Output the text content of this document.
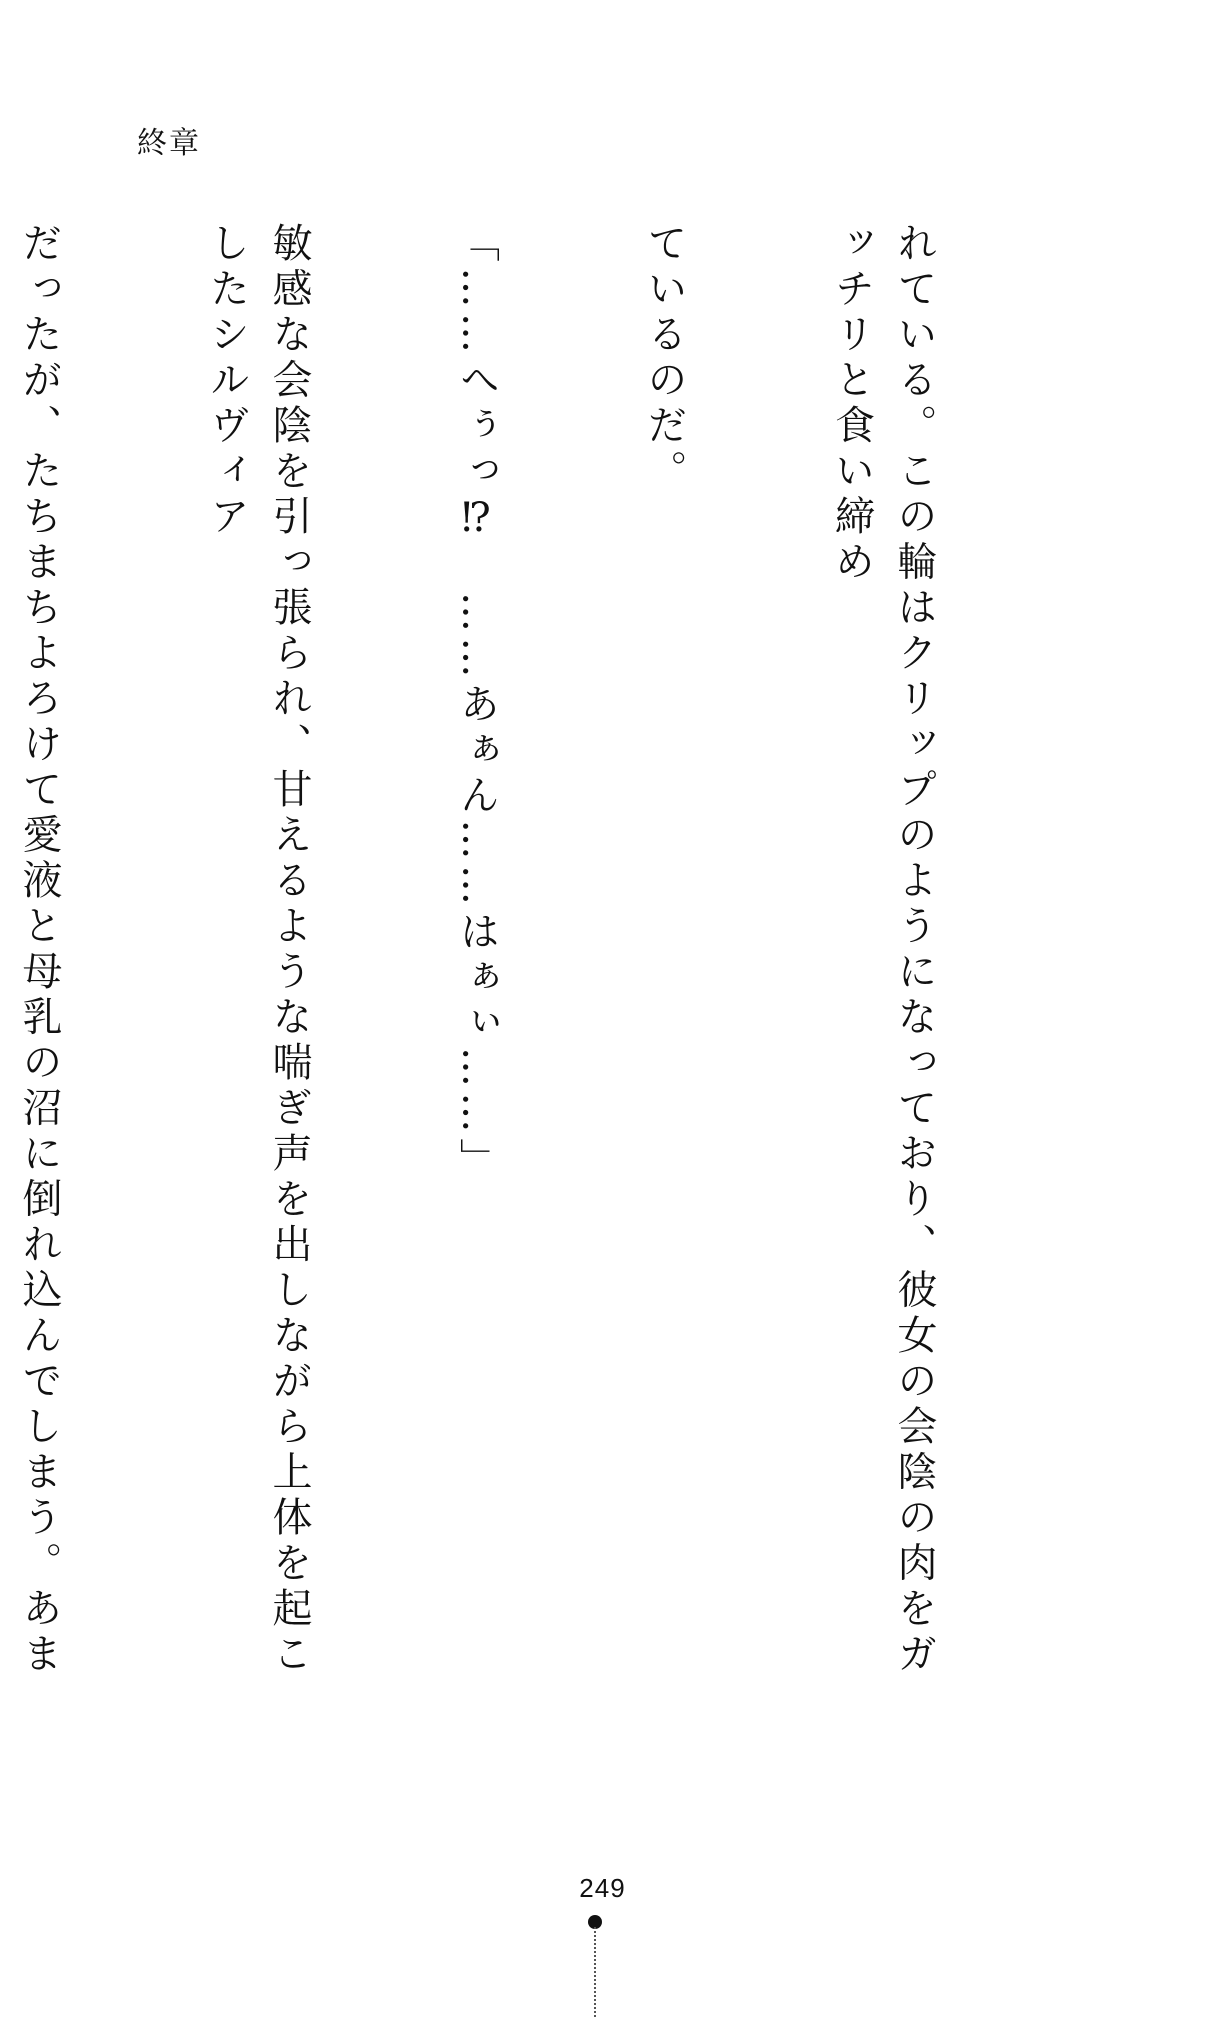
終章

れている。この輪はクリップのようになっており、彼女の会陰の肉をガッチリと食い締め

ているのだ。

「……へぅっ⁉　……あぁん……はぁぃ……」

敏感な会陰を引っ張られ、甘えるような喘ぎ声を出しながら上体を起こしたシルヴィア

だったが、たちまちよろけて愛液と母乳の沼に倒れ込んでしまう。あま

249
